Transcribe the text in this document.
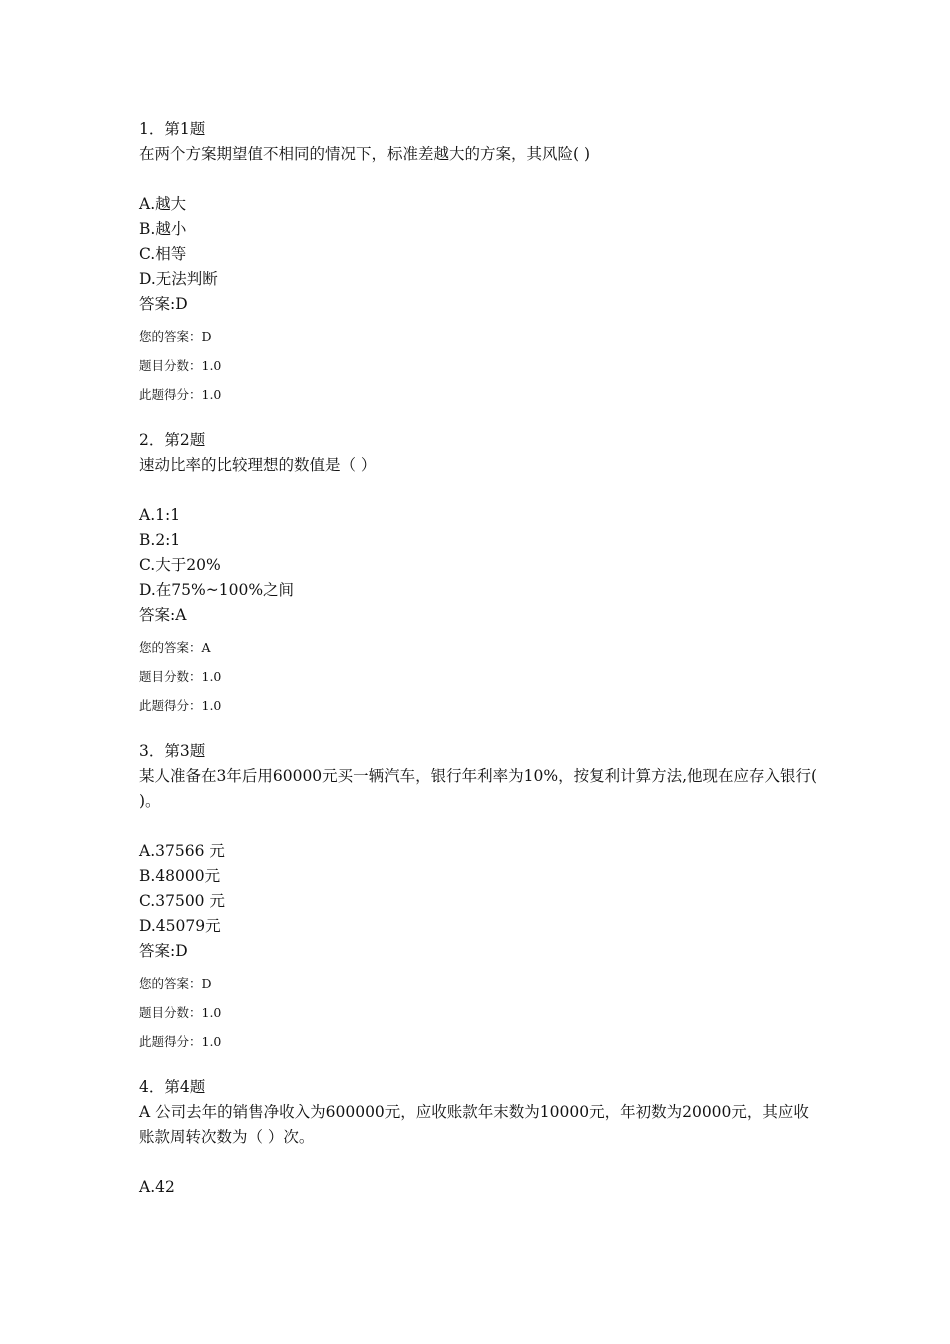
1．第1题

在两个方案期望值不相同的情况下，标准差越大的方案，其风险( )

A.越大

B.越小

C.相等

D.无法判断

答案:D

您的答案：D

题目分数：1.0

此题得分：1.0

2．第2题

速动比率的比较理想的数值是（ ）

A.1:1

B.2:1

C.大于20%

D.在75%~100%之间

答案:A

您的答案：A

题目分数：1.0

此题得分：1.0

3．第3题

某人准备在3年后用60000元买一辆汽车，银行年利率为10%，按复利计算方法,他现在应存入银行( )。

A.37566 元

B.48000元

C.37500 元

D.45079元

答案:D

您的答案：D

题目分数：1.0

此题得分：1.0

4．第4题

A 公司去年的销售净收入为600000元，应收账款年末数为10000元，年初数为20000元，其应收账款周转次数为（ ）次。

A.42
